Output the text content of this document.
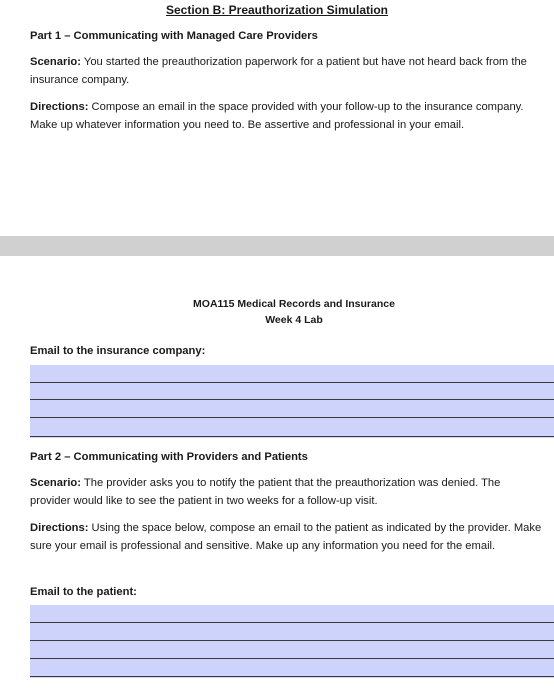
Section B: Preauthorization Simulation
Part 1 – Communicating with Managed Care Providers
Scenario: You started the preauthorization paperwork for a patient but have not heard back from the insurance company.
Directions: Compose an email in the space provided with your follow-up to the insurance company. Make up whatever information you need to. Be assertive and professional in your email.
MOA115 Medical Records and Insurance
Week 4 Lab
Email to the insurance company:
Part 2 – Communicating with Providers and Patients
Scenario: The provider asks you to notify the patient that the preauthorization was denied. The
provider would like to see the patient in two weeks for a follow-up visit.
Directions: Using the space below, compose an email to the patient as indicated by the provider. Make sure your email is professional and sensitive. Make up any information you need for the email.
Email to the patient:
